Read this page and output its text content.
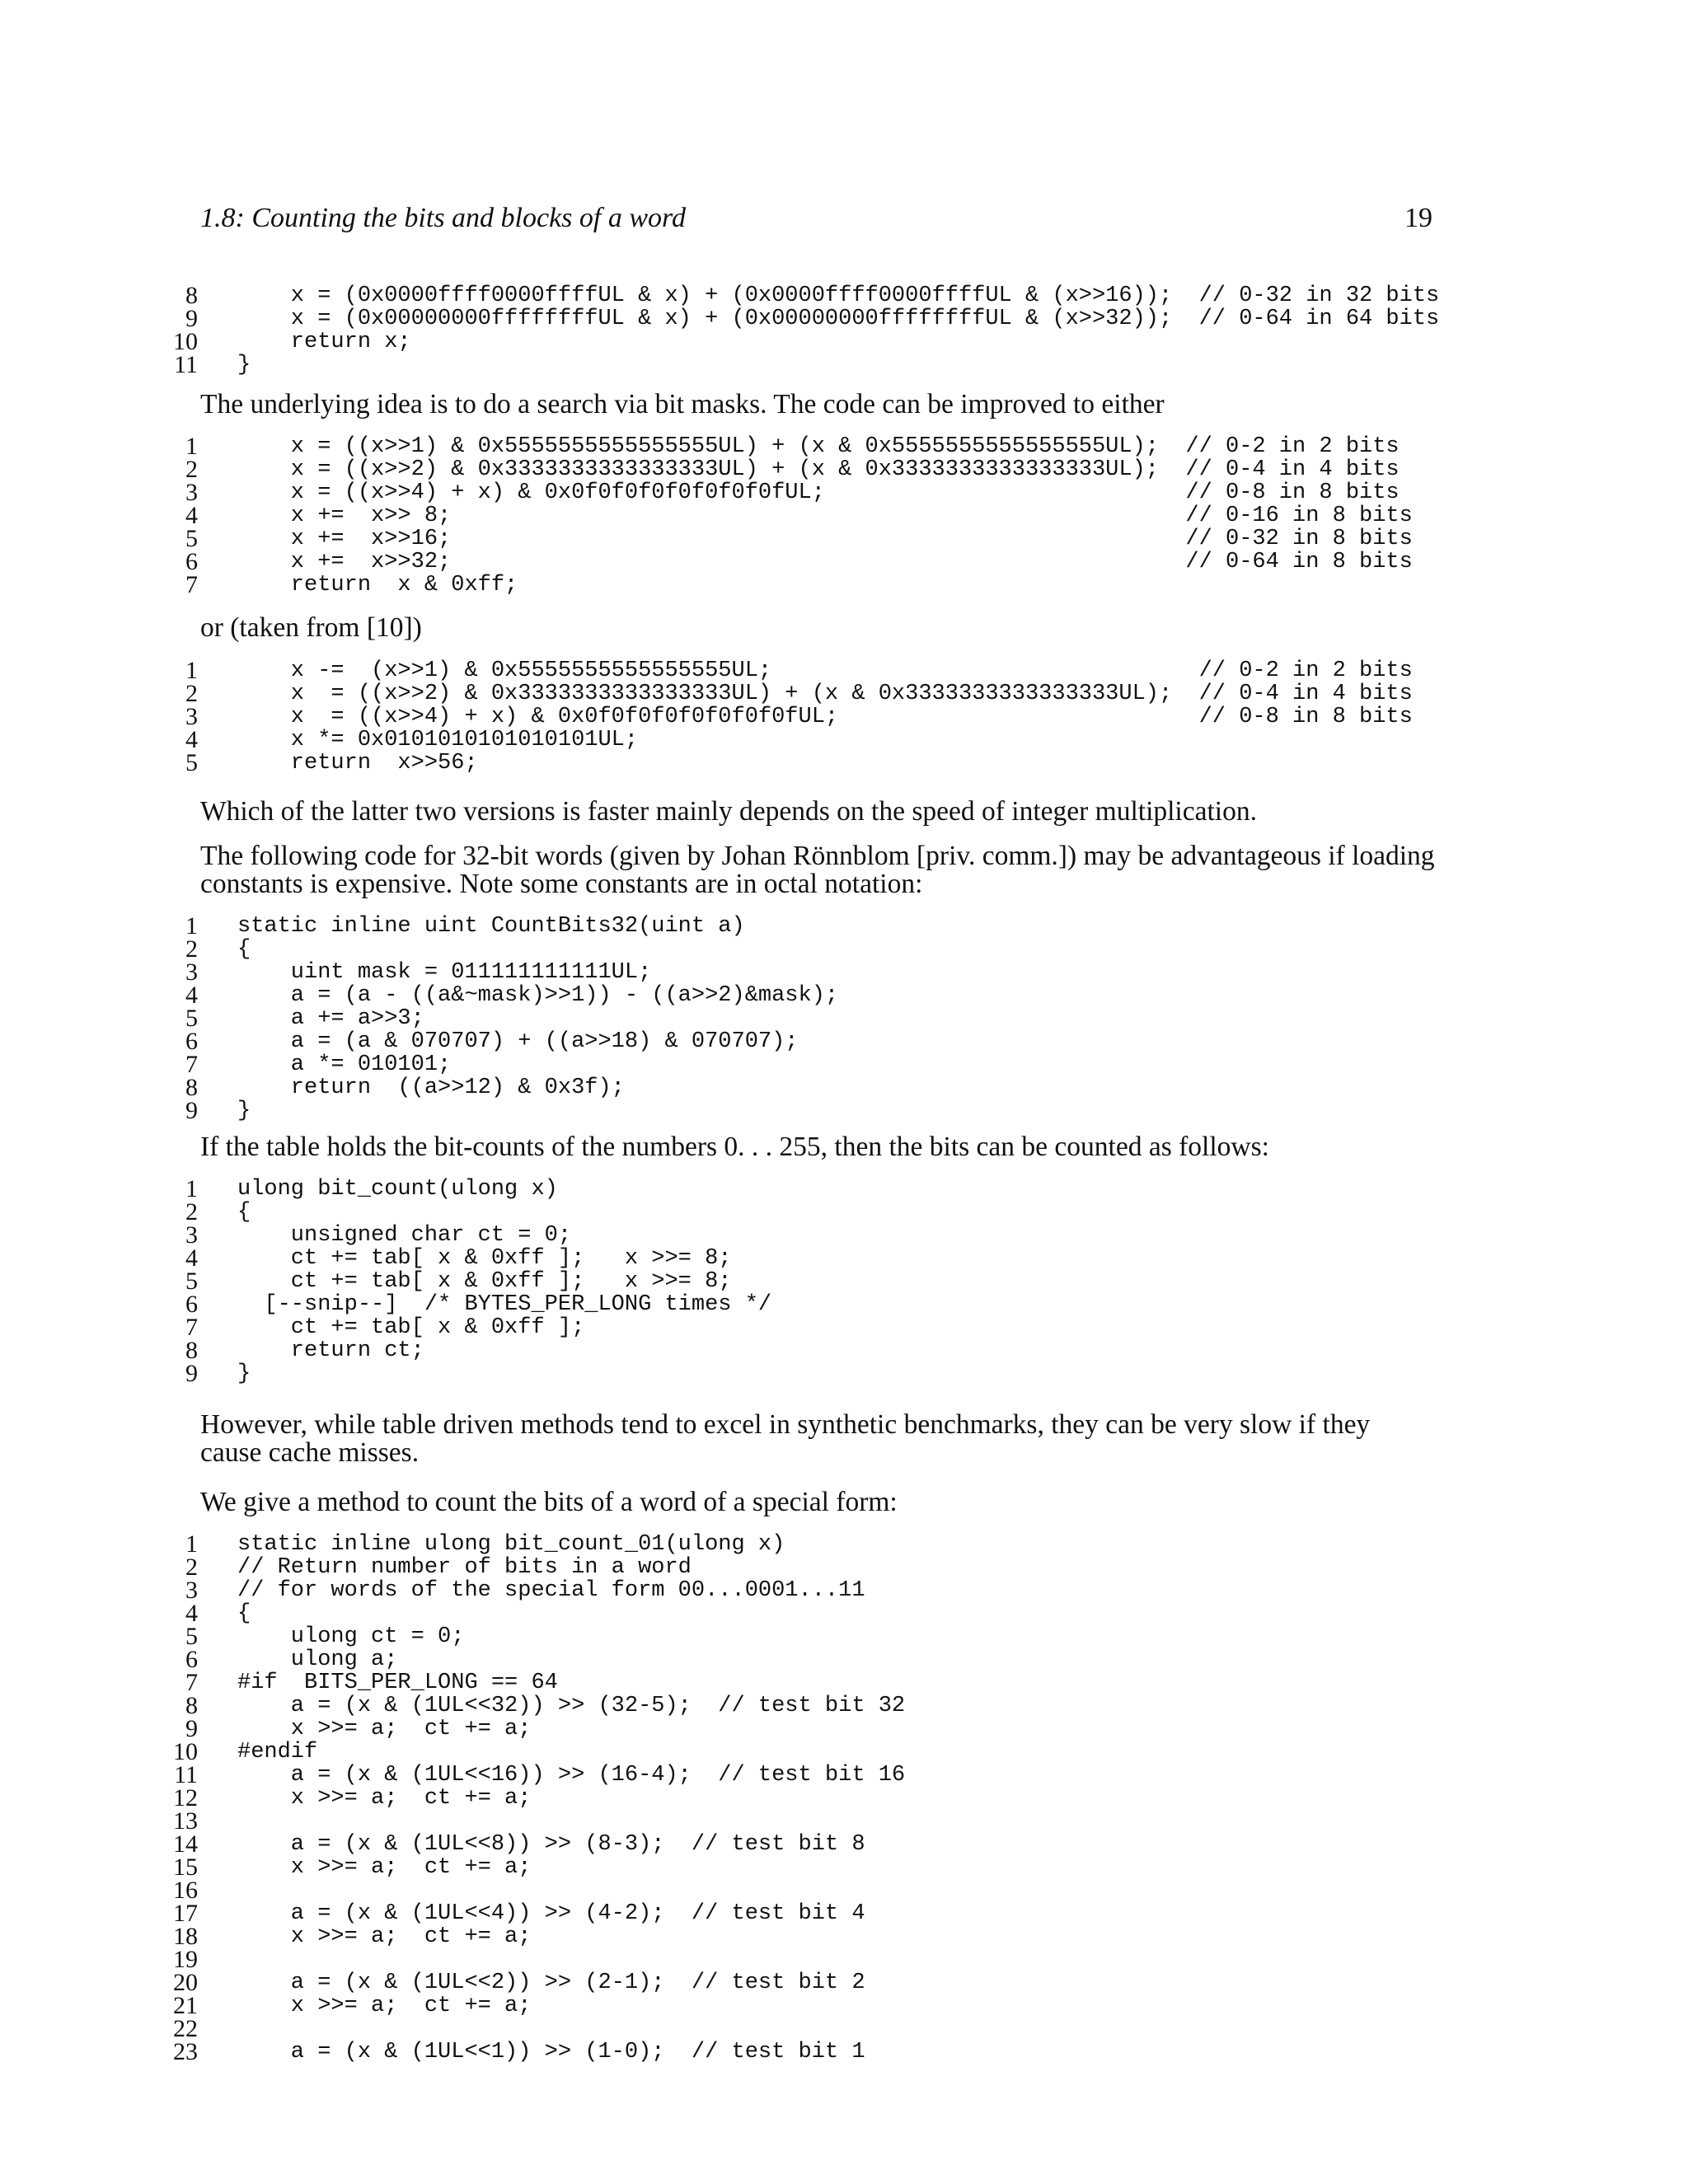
1.8: Counting the bits and blocks of a word	19
8 x = (0x0000ffff0000ffffUL & x) + (0x0000ffff0000ffffUL & (x>>16));  // 0-32 in 32 bits
9 x = (0x00000000ffffffffUL & x) + (0x00000000ffffffffUL & (x>>32));  // 0-64 in 64 bits
10 return x;
11 }

The underlying idea is to do a search via bit masks. The code can be improved to either

1 x = ((x>>1) & 0x5555555555555555UL) + (x & 0x5555555555555555UL);  // 0-2 in 2 bits
2 x = ((x>>2) & 0x3333333333333333UL) + (x & 0x3333333333333333UL);  // 0-4 in 4 bits
3 x = ((x>>4) + x) & 0x0f0f0f0f0f0f0f0fUL;                           // 0-8 in 8 bits
4 x +=  x>> 8;                                                       // 0-16 in 8 bits
5 x +=  x>>16;                                                       // 0-32 in 8 bits
6 x +=  x>>32;                                                       // 0-64 in 8 bits
7 return  x & 0xff;

or (taken from [10])

1 x -=  (x>>1) & 0x5555555555555555UL;                                // 0-2 in 2 bits
2 x  = ((x>>2) & 0x3333333333333333UL) + (x & 0x3333333333333333UL);  // 0-4 in 4 bits
3 x  = ((x>>4) + x) & 0x0f0f0f0f0f0f0f0fUL;                           // 0-8 in 8 bits
4 x *= 0x0101010101010101UL;
5 return  x>>56;

Which of the latter two versions is faster mainly depends on the speed of integer multiplication.

The following code for 32-bit words (given by Johan Rönnblom [priv. comm.]) may be advantageous if loading constants is expensive. Note some constants are in octal notation:

1 static inline uint CountBits32(uint a)
2 {
3 uint mask = 011111111111UL;
4 a = (a - ((a&~mask)>>1)) - ((a>>2)&mask);
5 a += a>>3;
6 a = (a & 070707) + ((a>>18) & 070707);
7 a *= 010101;
8 return  ((a>>12) & 0x3f);
9 }

If the table holds the bit-counts of the numbers 0. . . 255, then the bits can be counted as follows:

1 ulong bit_count(ulong x)
2 {
3 unsigned char ct = 0;
4 ct += tab[ x & 0xff ];   x >>= 8;
5 ct += tab[ x & 0xff ];   x >>= 8;
6 [--snip--]  /* BYTES_PER_LONG times */
7 ct += tab[ x & 0xff ];
8 return ct;
9 }

However, while table driven methods tend to excel in synthetic benchmarks, they can be very slow if they cause cache misses.

We give a method to count the bits of a word of a special form:

1 static inline ulong bit_count_01(ulong x)
2 // Return number of bits in a word
3 // for words of the special form 00...0001...11
4 {
5 ulong ct = 0;
6 ulong a;
7 #if  BITS_PER_LONG == 64
8 a = (x & (1UL<<32)) >> (32-5);  // test bit 32
9 x >>= a;  ct += a;
10 #endif
11 a = (x & (1UL<<16)) >> (16-4);  // test bit 16
12 x >>= a;  ct += a;
13
14 a = (x & (1UL<<8)) >> (8-3);  // test bit 8
15 x >>= a;  ct += a;
16
17 a = (x & (1UL<<4)) >> (4-2);  // test bit 4
18 x >>= a;  ct += a;
19
20 a = (x & (1UL<<2)) >> (2-1);  // test bit 2
21 x >>= a;  ct += a;
22
23 a = (x & (1UL<<1)) >> (1-0);  // test bit 1
